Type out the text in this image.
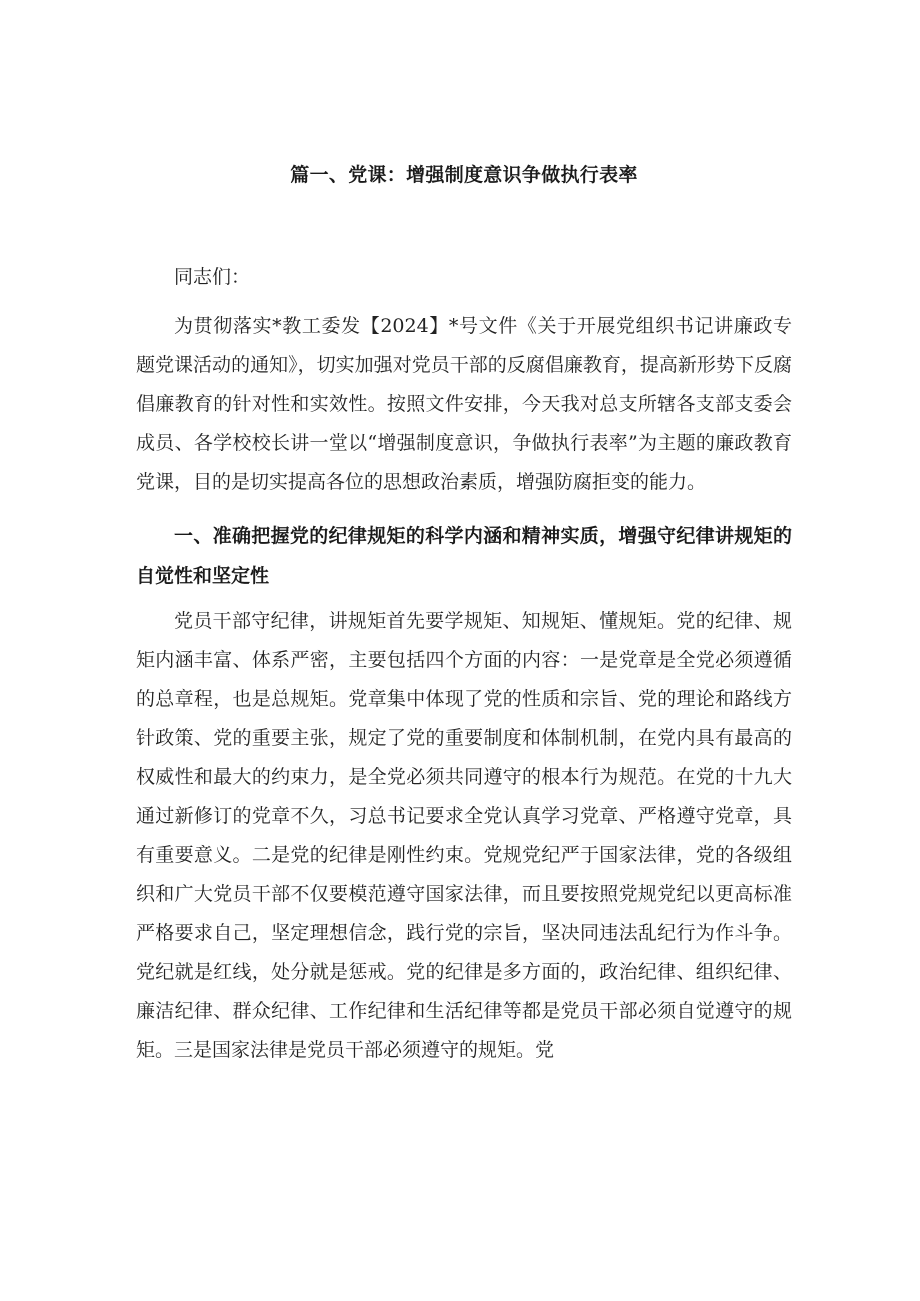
篇一、党课：增强制度意识争做执行表率

同志们：

为贯彻落实*教工委发【2024】*号文件《关于开展党组织书记讲廉政专题党课活动的通知》，切实加强对党员干部的反腐倡廉教育，提高新形势下反腐倡廉教育的针对性和实效性。按照文件安排，今天我对总支所辖各支部支委会成员、各学校校长讲一堂以“增强制度意识，争做执行表率”为主题的廉政教育党课，目的是切实提高各位的思想政治素质，增强防腐拒变的能力。

一、准确把握党的纪律规矩的科学内涵和精神实质，增强守纪律讲规矩的自觉性和坚定性

党员干部守纪律，讲规矩首先要学规矩、知规矩、懂规矩。党的纪律、规矩内涵丰富、体系严密，主要包括四个方面的内容：一是党章是全党必须遵循的总章程，也是总规矩。党章集中体现了党的性质和宗旨、党的理论和路线方针政策、党的重要主张，规定了党的重要制度和体制机制，在党内具有最高的权威性和最大的约束力，是全党必须共同遵守的根本行为规范。在党的十九大通过新修订的党章不久，习总书记要求全党认真学习党章、严格遵守党章，具有重要意义。二是党的纪律是刚性约束。党规党纪严于国家法律，党的各级组织和广大党员干部不仅要模范遵守国家法律，而且要按照党规党纪以更高标准严格要求自己，坚定理想信念，践行党的宗旨，坚决同违法乱纪行为作斗争。党纪就是红线，处分就是惩戒。党的纪律是多方面的，政治纪律、组织纪律、廉洁纪律、群众纪律、工作纪律和生活纪律等都是党员干部必须自觉遵守的规矩。三是国家法律是党员干部必须遵守的规矩。党
